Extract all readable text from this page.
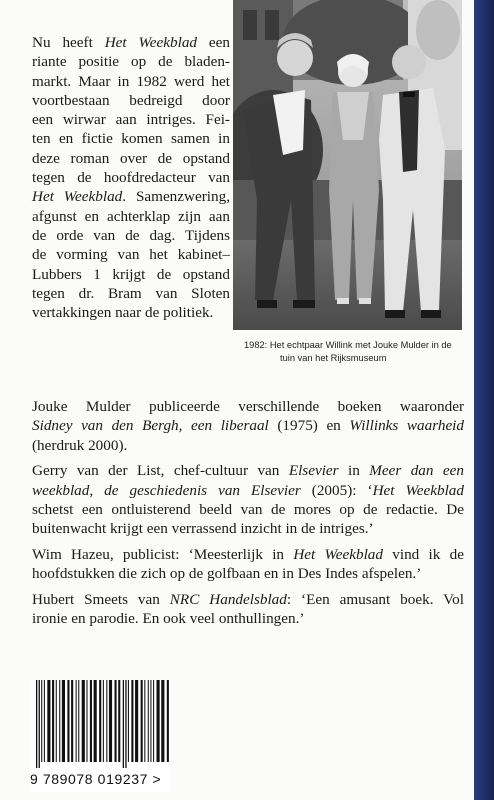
Nu heeft Het Weekblad een
riante positie op de bladen-
markt. Maar in 1982 werd het
voortbestaan bedreigd door
een wirwar aan intriges. Fei-
ten en fictie komen samen in
deze roman over de opstand
tegen de hoofdredacteur van
Het Weekblad. Samenzwering,
afgunst en achterklap zijn aan
de orde van de dag. Tijdens
de vorming van het kabinet–
Lubbers 1 krijgt de opstand
tegen dr. Bram van Sloten
vertakkingen naar de politiek.
1982: Het echtpaar Willink met Jouke Mulder in de
tuin van het Rijksmuseum

Jouke Mulder publiceerde verschillende boeken waaronder
Sidney van den Bergh, een liberaal (1975) en Willinks waarheid
(herdruk 2000).

Gerry van der List, chef-cultuur van Elsevier in Meer dan een
weekblad, de geschiedenis van Elsevier (2005): ‘Het Weekblad
schetst een ontluisterend beeld van de mores op de redactie. De
buitenwacht krijgt een verrassend inzicht in de intriges.’

Wim Hazeu, publicist: ‘Meesterlijk in Het Weekblad vind ik de
hoofdstukken die zich op de golfbaan en in Des Indes afspelen.’

Hubert Smeets van NRC Handelsblad: ‘Een amusant boek. Vol
ironie en parodie. En ook veel onthullingen.’

9 789078 019237 >
